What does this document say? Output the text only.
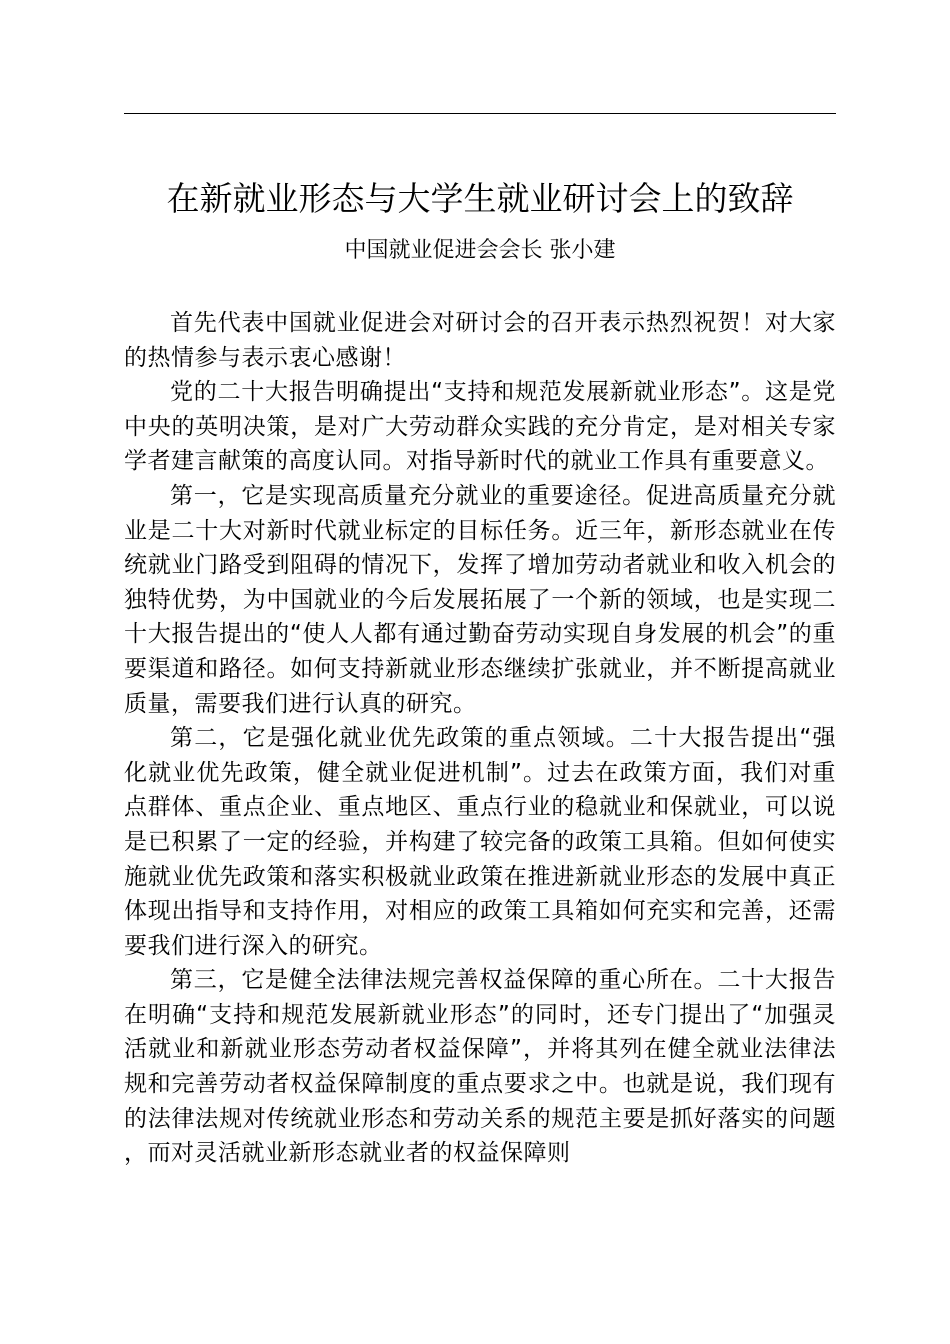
在新就业形态与大学生就业研讨会上的致辞
中国就业促进会会长 张小建

首先代表中国就业促进会对研讨会的召开表示热烈祝贺！对大家的热情参与表示衷心感谢！

党的二十大报告明确提出“支持和规范发展新就业形态”。这是党中央的英明决策，是对广大劳动群众实践的充分肯定，是对相关专家学者建言献策的高度认同。对指导新时代的就业工作具有重要意义。

第一，它是实现高质量充分就业的重要途径。促进高质量充分就业是二十大对新时代就业标定的目标任务。近三年，新形态就业在传统就业门路受到阻碍的情况下，发挥了增加劳动者就业和收入机会的独特优势，为中国就业的今后发展拓展了一个新的领域，也是实现二十大报告提出的“使人人都有通过勤奋劳动实现自身发展的机会”的重要渠道和路径。如何支持新就业形态继续扩张就业，并不断提高就业质量，需要我们进行认真的研究。

第二，它是强化就业优先政策的重点领域。二十大报告提出“强化就业优先政策，健全就业促进机制”。过去在政策方面，我们对重点群体、重点企业、重点地区、重点行业的稳就业和保就业，可以说是已积累了一定的经验，并构建了较完备的政策工具箱。但如何使实施就业优先政策和落实积极就业政策在推进新就业形态的发展中真正体现出指导和支持作用，对相应的政策工具箱如何充实和完善，还需要我们进行深入的研究。

第三，它是健全法律法规完善权益保障的重心所在。二十大报告在明确“支持和规范发展新就业形态”的同时，还专门提出了“加强灵活就业和新就业形态劳动者权益保障”，并将其列在健全就业法律法规和完善劳动者权益保障制度的重点要求之中。也就是说，我们现有的法律法规对传统就业形态和劳动关系的规范主要是抓好落实的问题，而对灵活就业新形态就业者的权益保障则
